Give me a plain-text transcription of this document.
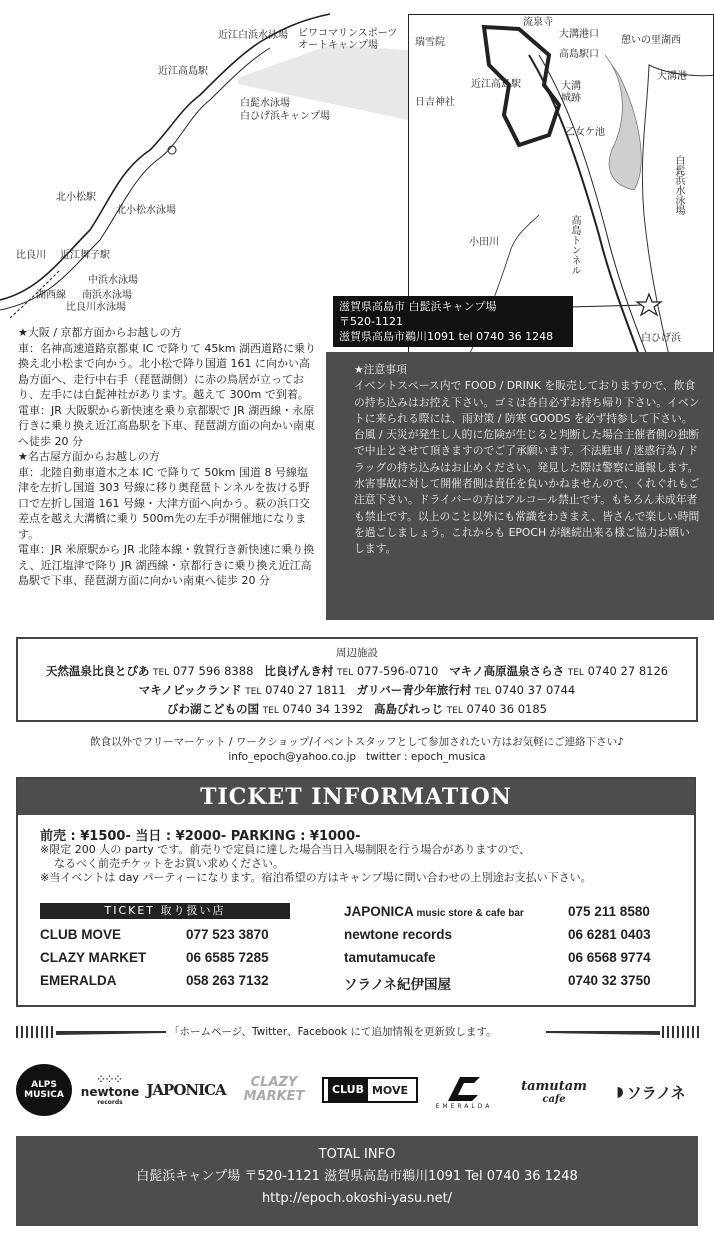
ビワコマリンスポーツ
オートキャンプ場
近江白浜水泳場
近江高島駅
白髭水泳場
白ひげ浜キャンプ場
北小松駅
北小松水泳場
比良川 近江舞子駅
中浜水泳場
湖西線 南浜水泳場
比良川水泳場
流泉寺
瑞雪院
大溝港口
高島駅口
憩いの里湖西
近江高島駅
大溝港
日吉神社
大溝
城跡
乙女ケ池
白髭浜水泳場
小田川	高島トンネル
白ひげ浜
滋賀県高島市 白髭浜キャンプ場
〒520-1121
滋賀県高島市鵜川1091 tel 0740 36 1248

★大阪 / 京都方面からお越しの方

車：名神高速道路京都東 IC で降りて 45km 湖西道路に乗り換え北小松まで向かう。北小松で降り国道 161 に向かい高島方面へ、走行中右手（琵琶湖側）に赤の鳥居が立っており、左手には白髭神社があります。越えて 300m で到着。

電車：JR 大阪駅から新快速を乗り京都駅で JR 湖西線・永原行きに乗り換え近江高島駅を下車、琵琶湖方面の向かい南東へ徒歩 20 分

★名古屋方面からお越しの方

車：北陸自動車道木之本 IC で降りて 50km 国道 8 号線塩津を左折し国道 303 号線に移り奥琵琶トンネルを抜ける野口で左折し国道 161 号線・大津方面へ向かう。萩の浜口交差点を越え大溝橋に乗り 500m先の左手が開催地になります。

電車：JR 米原駅から JR 北陸本線・敦賀行き新快速に乗り換え、近江塩津で降り JR 湖西線・京都行きに乗り換え近江高島駅で下車、琵琶湖方面に向かい南東へ徒歩 20 分

★注意事項

イベントスペース内で FOOD / DRINK を販売しておりますので、飲食の持ち込みはお控え下さい。ゴミは各自必ずお持ち帰り下さい。イベントに来られる際には、雨対策 / 防寒 GOODS を必ず持参して下さい。台風 / 天災が発生し人的に危険が生じると判断した場合主催者側の独断で中止とさせて頂きますのでご了承願います。不法駐車 / 迷惑行為 / ドラッグの持ち込みはお止めください。発見した際は警察に通報します。水害事故に対して開催者側は責任を負いかねませんので、くれぐれもご注意下さい。ドライバーの方はアルコール禁止です。もちろん未成年者も禁止です。以上のこと以外にも常識をわきまえ、皆さんで楽しい時間を過ごしましょう。これからも EPOCH が継続出来る様ご協力お願いします。

周辺施設
天然温泉比良とぴあ TEL 077 596 8388 比良げんき村 TEL 077-596-0710 マキノ高原温泉さらさ TEL 0740 27 8126
マキノピックランド TEL 0740 27 1811 ガリバー青少年旅行村 TEL 0740 37 0744
びわ湖こどもの国 TEL 0740 34 1392 高島びれっじ TEL 0740 36 0185
飲食以外でフリーマーケット / ワークショップ/イベントスタッフとして参加されたい方はお気軽にご連絡下さい♪
info_epoch@yahoo.co.jp twitter : epoch_musica
TICKET INFORMATION
前売 : ¥1500- 当日 : ¥2000- PARKING : ¥1000-
※限定 200 人の party です。前売りで定員に達した場合当日入場制限を行う場合がありますので、
なるべく前売チケットをお買い求めください。
※当イベントは day パーティーになります。宿泊希望の方はキャンプ場に問い合わせの上別途お支払い下さい。
TICKET 取り扱い店
CLUB MOVE	077 523 3870
CLAZY MARKET	06 6585 7285
EMERALDA	058 263 7132
JAPONICA music store & cafe bar	075 211 8580
newtone records	06 6281 0403
tamutamucafe	06 6568 9774
ソラノネ紀伊国屋	0740 32 3750
「ホームページ、Twitter、Facebook にて追加情報を更新致します。
ALPS MUSICA
⁘⁘⁘
newtone
records
JAPONICA	CLAZY MARKET	CLUB MOVE
EMERALDA
tamutam
cafe	◗ ソラノネ
TOTAL INFO
白髭浜キャンプ場 〒520-1121 滋賀県高島市鵜川1091 Tel 0740 36 1248
http://epoch.okoshi-yasu.net/
